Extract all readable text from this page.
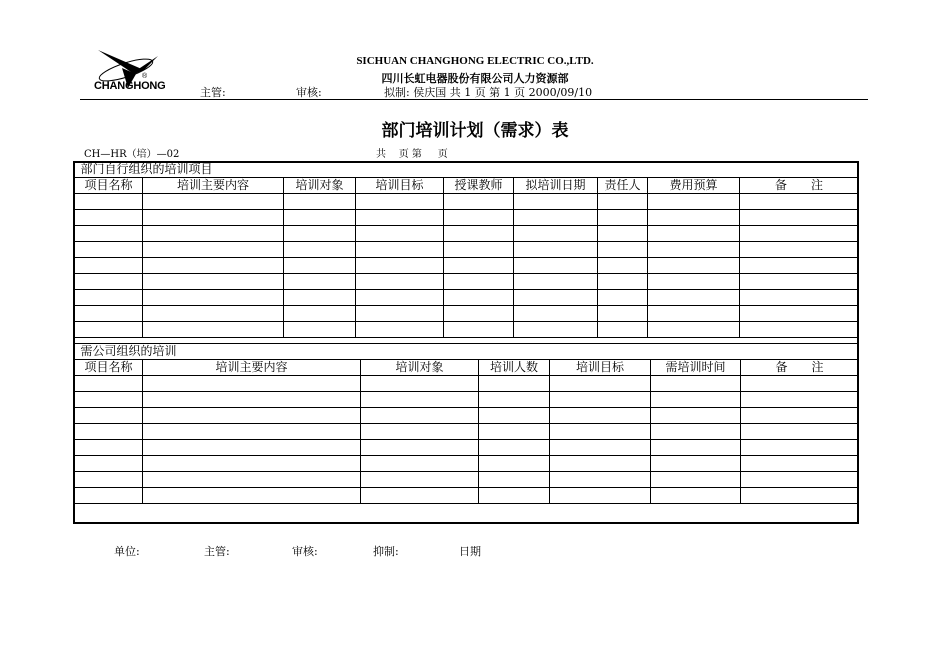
®
CHANGHONG
SICHUAN CHANGHONG ELECTRIC CO.,LTD.
四川长虹电器股份有限公司人力资源部
主管:	审核:	拟制: 侯庆国 共 1 页 第 1 页 2000/09/10
部门培训计划（需求）表
CH—HR（培）—02	共    页 第     页
部门自行组织的培训项目								
项目名称	培训主要内容	培训对象	培训目标	授课教师	拟培训日期	责任人	费用预算	备　　注

需公司组织的培训						
项目名称	培训主要内容	培训对象	培训人数	培训目标	需培训时间	备　　注

单位:	主管:	审核:	抑制:	日期
